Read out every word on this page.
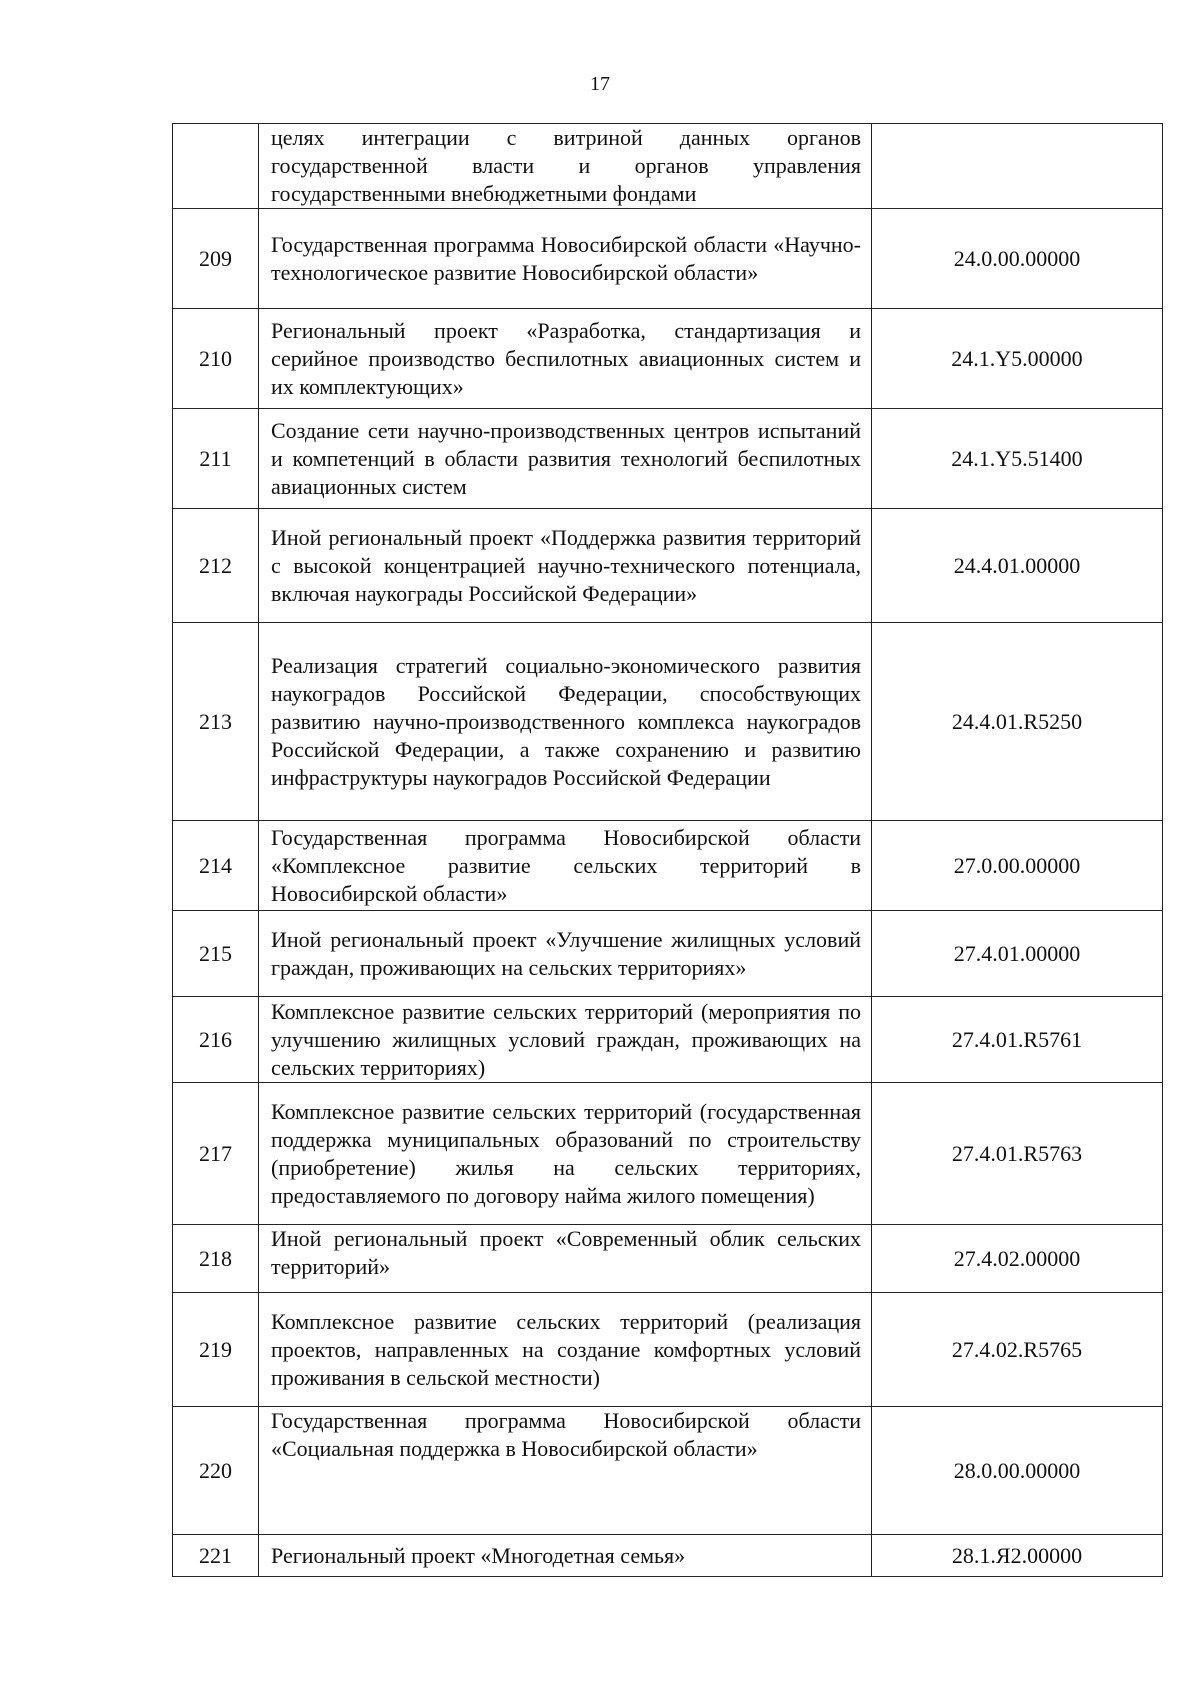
17
	целях интеграции с витриной данных органов государственной власти и органов управления государственными внебюджетными фондами	
209	Государственная программа Новосибирской области «Научно-технологическое развитие Новосибирской области»	24.0.00.00000
210	Региональный проект «Разработка, стандартизация и серийное производство беспилотных авиационных систем и их комплектующих»	24.1.Y5.00000
211	Создание сети научно-производственных центров испытаний и компетенций в области развития технологий беспилотных авиационных систем	24.1.Y5.51400
212	Иной региональный проект «Поддержка развития территорий с высокой концентрацией научно-технического потенциала, включая наукограды Российской Федерации»	24.4.01.00000
213	Реализация стратегий социально-экономического развития наукоградов Российской Федерации, способствующих развитию научно-производственного комплекса наукоградов Российской Федерации, а также сохранению и развитию инфраструктуры наукоградов Российской Федерации	24.4.01.R5250
214	Государственная программа Новосибирской области «Комплексное развитие сельских территорий в Новосибирской области»	27.0.00.00000
215	Иной региональный проект «Улучшение жилищных условий граждан, проживающих на сельских территориях»	27.4.01.00000
216	Комплексное развитие сельских территорий (мероприятия по улучшению жилищных условий граждан, проживающих на сельских территориях)	27.4.01.R5761
217	Комплексное развитие сельских территорий (государственная поддержка муниципальных образований по строительству (приобретение) жилья на сельских территориях, предоставляемого по договору найма жилого помещения)	27.4.01.R5763
218	Иной региональный проект «Современный облик сельских территорий»	27.4.02.00000
219	Комплексное развитие сельских территорий (реализация проектов, направленных на создание комфортных условий проживания в сельской местности)	27.4.02.R5765
220	Государственная программа Новосибирской области «Социальная поддержка в Новосибирской области»	28.0.00.00000
221	Региональный проект «Многодетная семья»	28.1.Я2.00000
